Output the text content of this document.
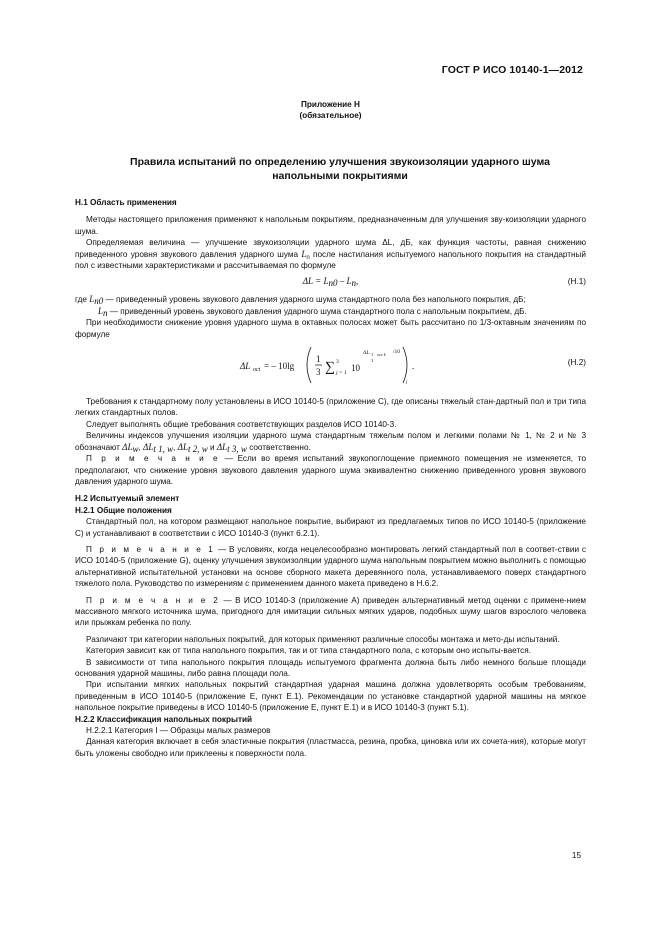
ГОСТ Р ИСО 10140-1—2012
Приложение Н
(обязательное)
Правила испытаний по определению улучшения звукоизоляции ударного шума
напольными покрытиями

Н.1 Область применения

Методы настоящего приложения применяют к напольным покрытиям, предназначенным для улучшения зву-коизоляции ударного шума.

Определяемая величина — улучшение звукоизоляции ударного шума ΔL, дБ, как функция частоты, равная снижению приведенного уровня звукового давления ударного шума $L_n$ после настилания испытуемого напольного покрытия на стандартный пол с известными характеристиками и рассчитываемая по формуле

$\Delta L = L_{n0} - L_n$,	(Н.1)

где $L_{n0}$ — приведенный уровень звукового давления ударного шума стандартного пола без напольного покрытия, дБ;

$L_n$ — приведенный уровень звукового давления ударного шума стандартного пола с напольным покрытием, дБ.

При необходимости снижение уровня ударного шума в октавных полосах может быть рассчитано по 1/3-октавным значениям по формуле

ΔL oct = – 10lg
1
3 ∑ 3
j = 1 10
ΔL 1
3
oct k /10
j
.	(Н.2)

Требования к стандартному полу установлены в ИСО 10140-5 (приложение С), где описаны тяжелый стан-дартный пол и три типа легких стандартных полов.

Следует выполнять общие требования соответствующих разделов ИСО 10140-3.

Величины индексов улучшения изоляции ударного шума стандартным тяжелым полом и легкими полами № 1, № 2 и № 3 обозначают $\Delta L_w$, $\Delta L_{t 1, w}$, $\Delta L_{t 2, w}$ и $\Delta L_{t 3, w}$ соответственно.

П р и м е ч а н и е — Если во время испытаний звукопоглощение приемного помещения не изменяется, то предполагают, что снижение уровня звукового давления ударного шума эквивалентно снижению приведенного уровня звукового давления ударного шума.

Н.2 Испытуемый элемент

Н.2.1 Общие положения

Стандартный пол, на котором размещают напольное покрытие, выбирают из предлагаемых типов по ИСО 10140-5 (приложение С) и устанавливают в соответствии с ИСО 10140-3 (пункт 6.2.1).

П р и м е ч а н и е 1 — В условиях, когда нецелесообразно монтировать легкий стандартный пол в соответ-ствии с ИСО 10140-5 (приложение G), оценку улучшения звукоизоляции ударного шума напольным покрытием можно выполнить с помощью альтернативной испытательной установки на основе сборного макета деревянного пола, устанавливаемого поверх стандартного тяжелого пола. Руководство по измерениям с применением данного макета приведено в Н.6.2.

П р и м е ч а н и е 2 — В ИСО 10140-3 (приложение А) приведен альтернативный метод оценки с примене-нием массивного мягкого источника шума, пригодного для имитации сильных мягких ударов, подобных шуму шагов взрослого человека или прыжкам ребенка по полу.

Различают три категории напольных покрытий, для которых применяют различные способы монтажа и мето-ды испытаний.

Категория зависит как от типа напольного покрытия, так и от типа стандартного пола, с которым оно испыты-вается.

В зависимости от типа напольного покрытия площадь испытуемого фрагмента должна быть либо немного больше площади основания ударной машины, либо равна площади пола.

При испытании мягких напольных покрытий стандартная ударная машина должна удовлетворять особым требованиям, приведенным в ИСО 10140-5 (приложение Е, пункт Е.1). Рекомендации по установке стандартной ударной машины на мягкое напольное покрытие приведены в ИСО 10140-5 (приложение Е, пункт Е.1) и в ИСО 10140-3 (пункт 5.1).

Н.2.2 Классификация напольных покрытий

Н.2.2.1 Категория I — Образцы малых размеров

Данная категория включает в себя эластичные покрытия (пластмасса, резина, пробка, циновка или их сочета-ния), которые могут быть уложены свободно или приклеены к поверхности пола.

15
